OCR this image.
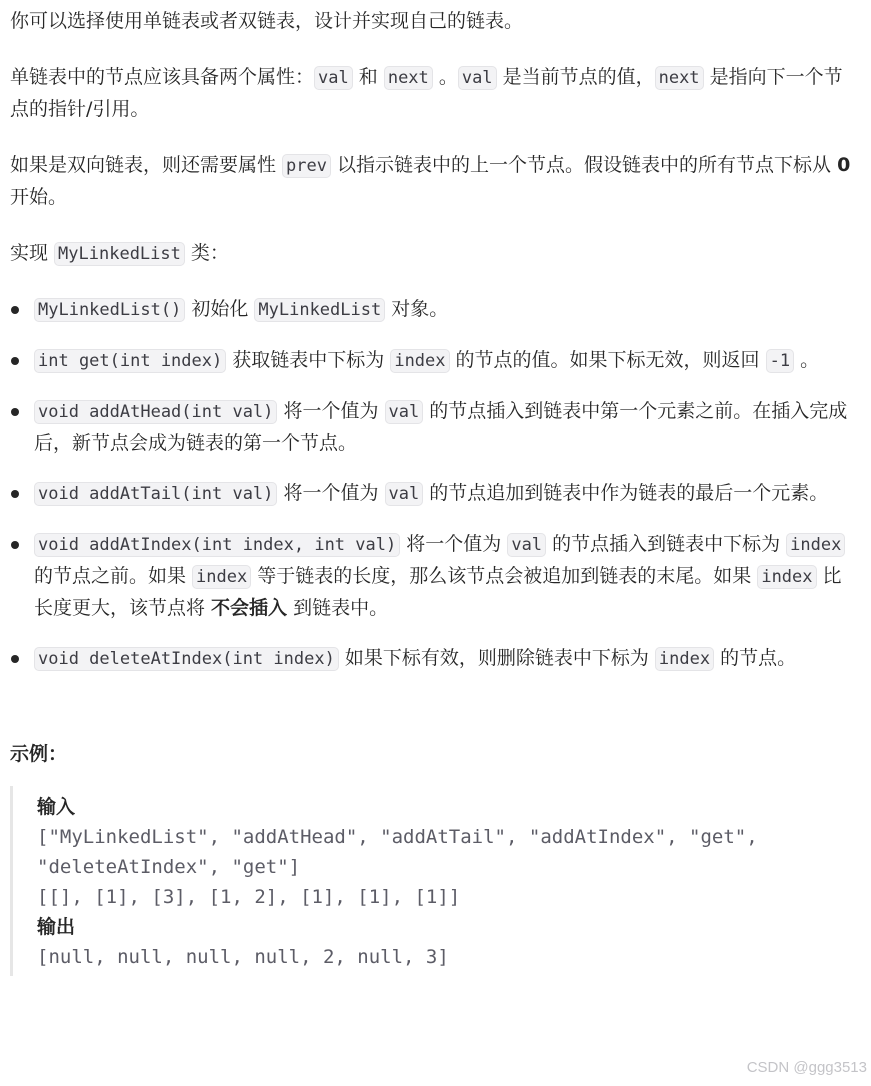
你可以选择使用单链表或者双链表，设计并实现自己的链表。

单链表中的节点应该具备两个属性： val 和 next 。 val 是当前节点的值， next 是指向下一个节点的指针/引用。

如果是双向链表，则还需要属性 prev 以指示链表中的上一个节点。假设链表中的所有节点下标从 0 开始。

实现 MyLinkedList 类：

MyLinkedList() 初始化 MyLinkedList 对象。
int get(int index) 获取链表中下标为 index 的节点的值。如果下标无效，则返回 -1 。
void addAtHead(int val) 将一个值为 val 的节点插入到链表中第一个元素之前。在插入完成后，新节点会成为链表的第一个节点。
void addAtTail(int val) 将一个值为 val 的节点追加到链表中作为链表的最后一个元素。
void addAtIndex(int index, int val) 将一个值为 val 的节点插入到链表中下标为 index 的节点之前。如果 index 等于链表的长度，那么该节点会被追加到链表的末尾。如果 index 比长度更大，该节点将 不会插入 到链表中。
void deleteAtIndex(int index) 如果下标有效，则删除链表中下标为 index 的节点。
示例：
输入
["MyLinkedList", "addAtHead", "addAtTail", "addAtIndex", "get",
"deleteAtIndex", "get"]
[[], [1], [3], [1, 2], [1], [1], [1]]
输出
[null, null, null, null, 2, null, 3]
CSDN @ggg3513
